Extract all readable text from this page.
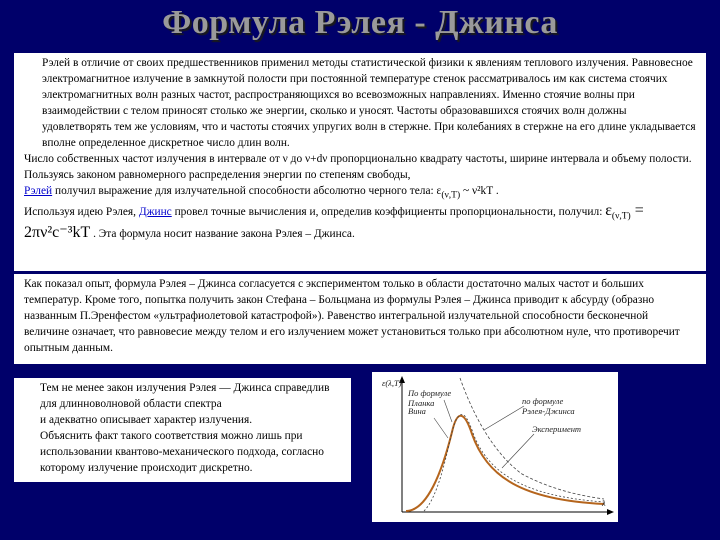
Формула Рэлея - Джинса
Рэлей в отличие от своих предшественников применил методы статистической физики к явлениям теплового излучения. Равновесное электромагнитное излучение в замкнутой полости при постоянной температуре стенок рассматривалось им как система стоячих электромагнитных волн разных частот, распространяющихся во всевозможных направлениях. Именно стоячие волны при взаимодействии с телом приносят столько же энергии, сколько и уносят. Частоты образовавшихся стоячих волн должны удовлетворять тем же условиям, что и частоты стоячих упругих волн в стержне. При колебаниях в стержне на его длине укладывается вполне определенное дискретное число длин волн.
Число собственных частот излучения в интервале от ν до ν+dν пропорционально квадрату частоты, ширине интервала и объему полости. Пользуясь законом равномерного распределения энергии по степеням свободы,
Рэлей получил выражение для излучательной способности абсолютно черного тела: $\varepsilon_{(\nu,T)}$ ~ ν²kT .
Используя идею Рэлея, Джинс провел точные вычисления и, определив коэффициенты пропорциональности, получил: $\varepsilon_{(\nu,T)} = 2\pi\nu^2c^{-3}kT$ . Эта формула носит название закона Рэлея – Джинса.
Как показал опыт, формула Рэлея – Джинса согласуется с экспериментом только в области достаточно малых частот и больших температур. Кроме того, попытка получить закон Стефана – Больцмана из формулы Рэлея – Джинса приводит к абсурду (образно названным П.Эренфестом «ультрафиолетовой катастрофой»). Равенство интегральной излучательной способности бесконечной величине означает, что равновесие между телом и его излучением может установиться только при абсолютном нуле, что противоречит опытным данным.
Тем не менее закон излучения Рэлея — Джинса справедлив для длинноволновой области спектра
и адекватно описывает характер излучения.
Объяснить факт такого соответствия можно лишь при использовании квантово-механического подхода, согласно которому излучение происходит дискретно.
ε(λ,T)
λ
По формуле Планка
Вина
по формуле Рэлея-Джинса
Эксперимент
